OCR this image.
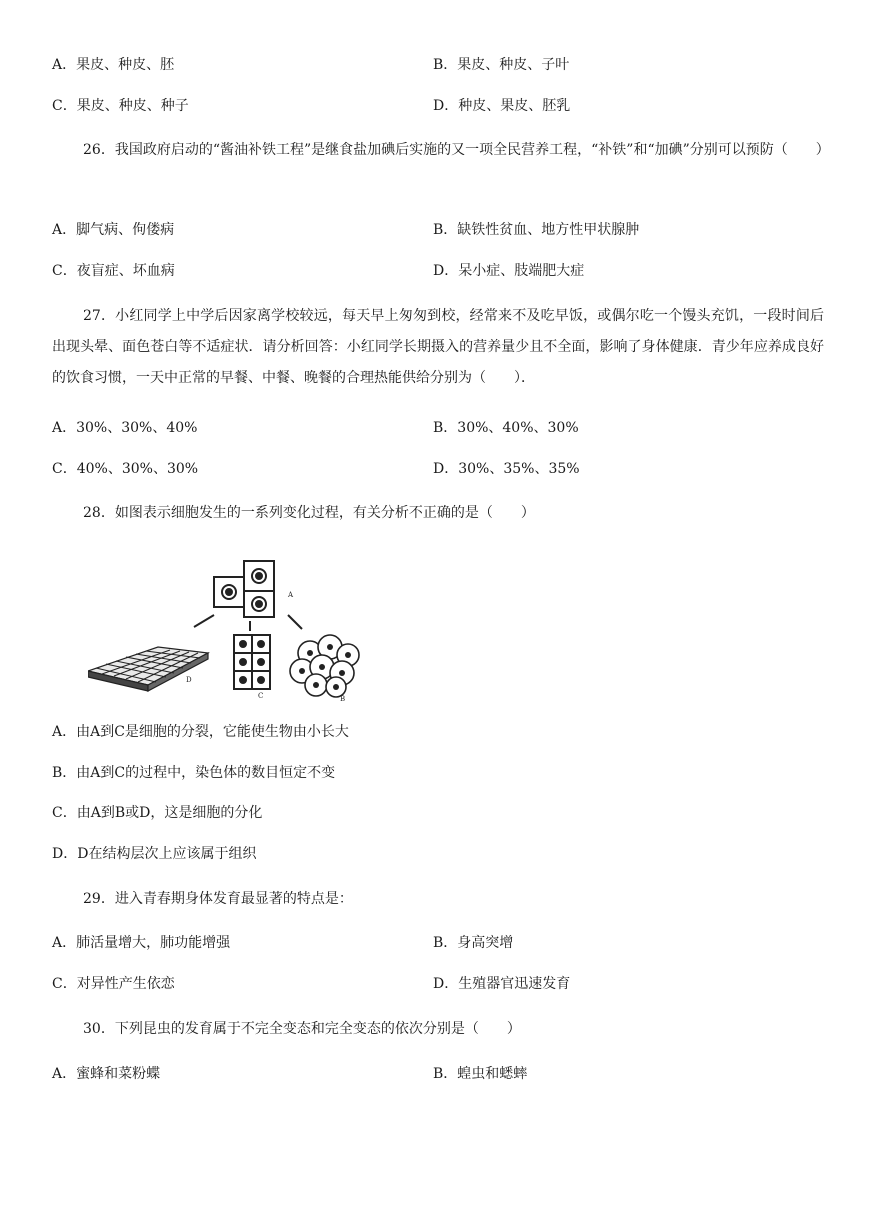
A．果皮、种皮、胚	B．果皮、种皮、子叶
C．果皮、种皮、种子	D．种皮、果皮、胚乳
26．我国政府启动的“酱油补铁工程”是继食盐加碘后实施的又一项全民营养工程，“补铁”和“加碘”分别可以预防（　　）
A．脚气病、佝偻病	B．缺铁性贫血、地方性甲状腺肿
C．夜盲症、坏血病	D．呆小症、肢端肥大症
27．小红同学上中学后因家离学校较远，每天早上匆匆到校，经常来不及吃早饭，或偶尔吃一个馒头充饥，一段时间后出现头晕、面色苍白等不适症状．请分析回答：小红同学长期摄入的营养量少且不全面，影响了身体健康．青少年应养成良好的饮食习惯，一天中正常的早餐、中餐、晚餐的合理热能供给分别为（　　）．
A．30%、30%、40%	B．30%、40%、30%
C．40%、30%、30%	D．30%、35%、35%
28．如图表示细胞发生的一系列变化过程，有关分析不正确的是（　　）
A
D
C	B
A．由A到C是细胞的分裂，它能使生物由小长大
B．由A到C的过程中，染色体的数目恒定不变
C．由A到B或D，这是细胞的分化
D．D在结构层次上应该属于组织
29．进入青春期身体发育最显著的特点是：
A．肺活量增大，肺功能增强	B．身高突增
C．对异性产生依恋	D．生殖器官迅速发育
30．下列昆虫的发育属于不完全变态和完全变态的依次分别是（　　）
A．蜜蜂和菜粉蝶	B．蝗虫和蟋蟀
